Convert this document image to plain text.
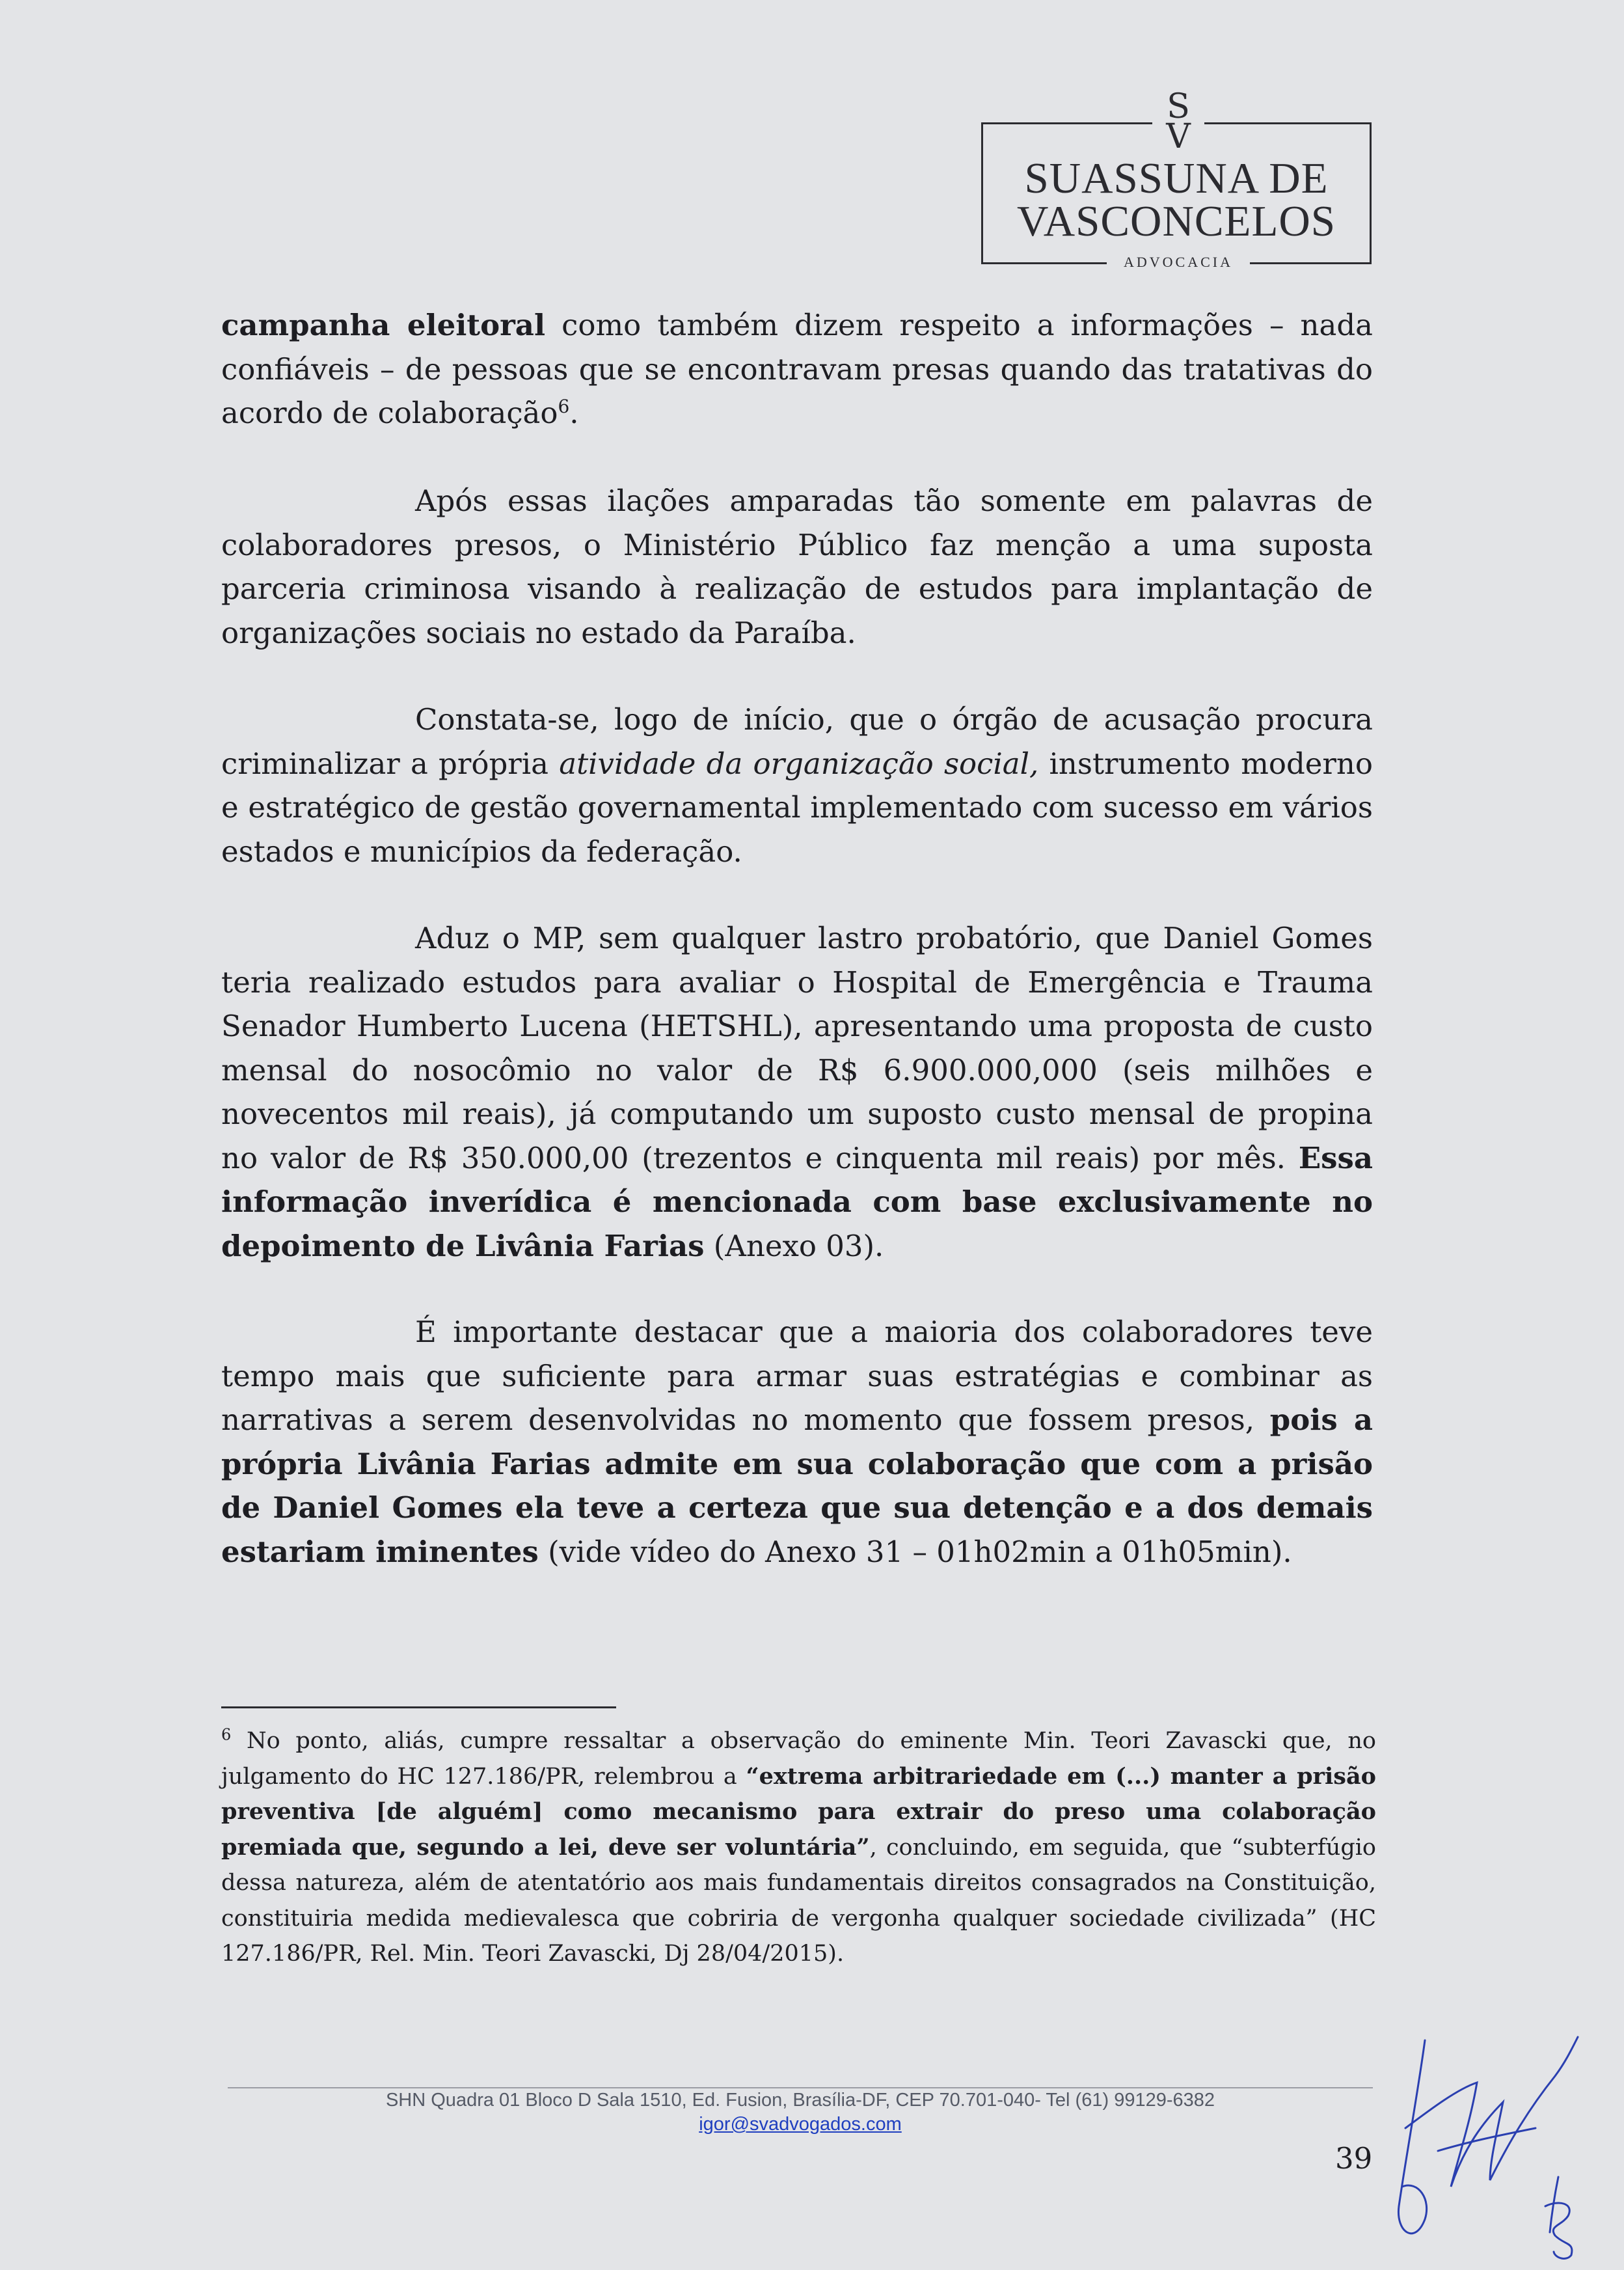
S
V
SUASSUNA DE
VASCONCELOS
ADVOCACIA

campanha eleitoral como também dizem respeito a informações – nada confiáveis – de pessoas que se encontravam presas quando das tratativas do acordo de colaboração$^6$.

Após essas ilações amparadas tão somente em palavras de colaboradores presos, o Ministério Público faz menção a uma suposta parceria criminosa visando à realização de estudos para implantação de organizações sociais no estado da Paraíba.

Constata-se, logo de início, que o órgão de acusação procura criminalizar a própria atividade da organização social, instrumento moderno e estratégico de gestão governamental implementado com sucesso em vários estados e municípios da federação.

Aduz o MP, sem qualquer lastro probatório, que Daniel Gomes teria realizado estudos para avaliar o Hospital de Emergência e Trauma Senador Humberto Lucena (HETSHL), apresentando uma proposta de custo mensal do nosocômio no valor de R$ 6.900.000,000 (seis milhões e novecentos mil reais), já computando um suposto custo mensal de propina no valor de R$ 350.000,00 (trezentos e cinquenta mil reais) por mês. Essa informação inverídica é mencionada com base exclusivamente no depoimento de Livânia Farias (Anexo 03).

É importante destacar que a maioria dos colaboradores teve tempo mais que suficiente para armar suas estratégias e combinar as narrativas a serem desenvolvidas no momento que fossem presos, pois a própria Livânia Farias admite em sua colaboração que com a prisão de Daniel Gomes ela teve a certeza que sua detenção e a dos demais estariam iminentes (vide vídeo do Anexo 31 – 01h02min a 01h05min).

$^6$ No ponto, aliás, cumpre ressaltar a observação do eminente Min. Teori Zavascki que, no julgamento do HC 127.186/PR, relembrou a “extrema arbitrariedade em (...) manter a prisão preventiva [de alguém] como mecanismo para extrair do preso uma colaboração premiada que, segundo a lei, deve ser voluntária”, concluindo, em seguida, que “subterfúgio dessa natureza, além de atentatório aos mais fundamentais direitos consagrados na Constituição, constituiria medida medievalesca que cobriria de vergonha qualquer sociedade civilizada” (HC 127.186/PR, Rel. Min. Teori Zavascki, Dj 28/04/2015).

SHN Quadra 01 Bloco D Sala 1510, Ed. Fusion, Brasília-DF, CEP 70.701-040- Tel (61) 99129-6382
igor@svadvogados.com
39
